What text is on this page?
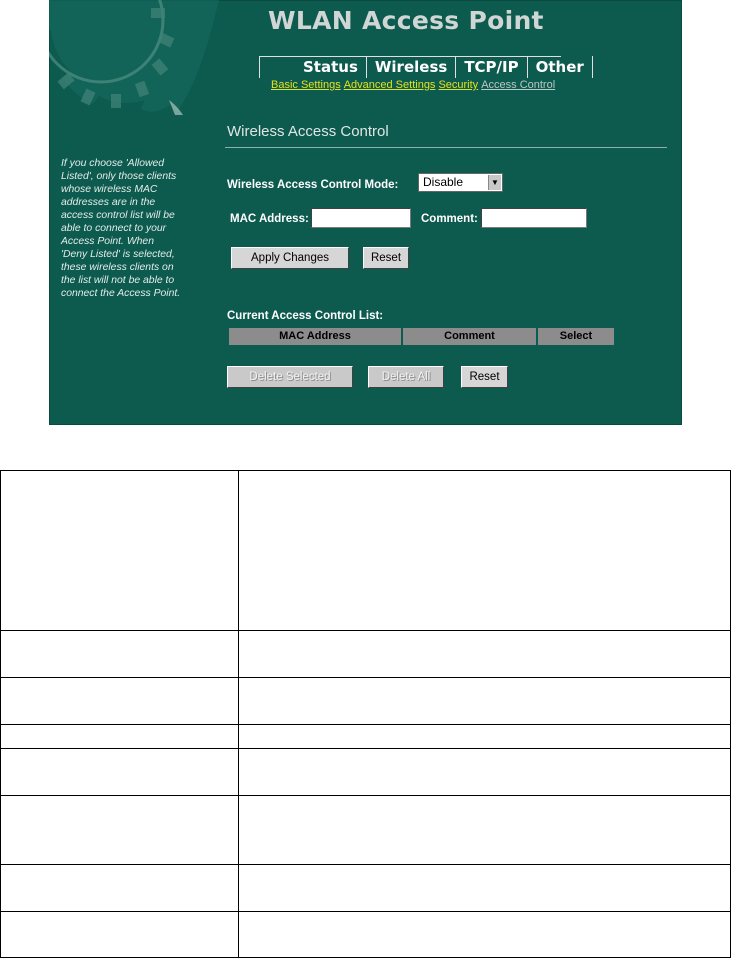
WLAN Access Point
Status	Wireless	TCP/IP	Other
Basic Settings Advanced Settings Security Access Control
Wireless Access Control
If you choose 'Allowed Listed', only those clients whose wireless MAC addresses are in the access control list will be able to connect to your Access Point. When 'Deny Listed' is selected, these wireless clients on the list will not be able to connect the Access Point.
Wireless Access Control Mode: Disable	▼
MAC Address:	Comment:
Apply Changes	Reset
Current Access Control List:
MAC Address	Comment	Select
Delete Selected	Delete All	Reset
